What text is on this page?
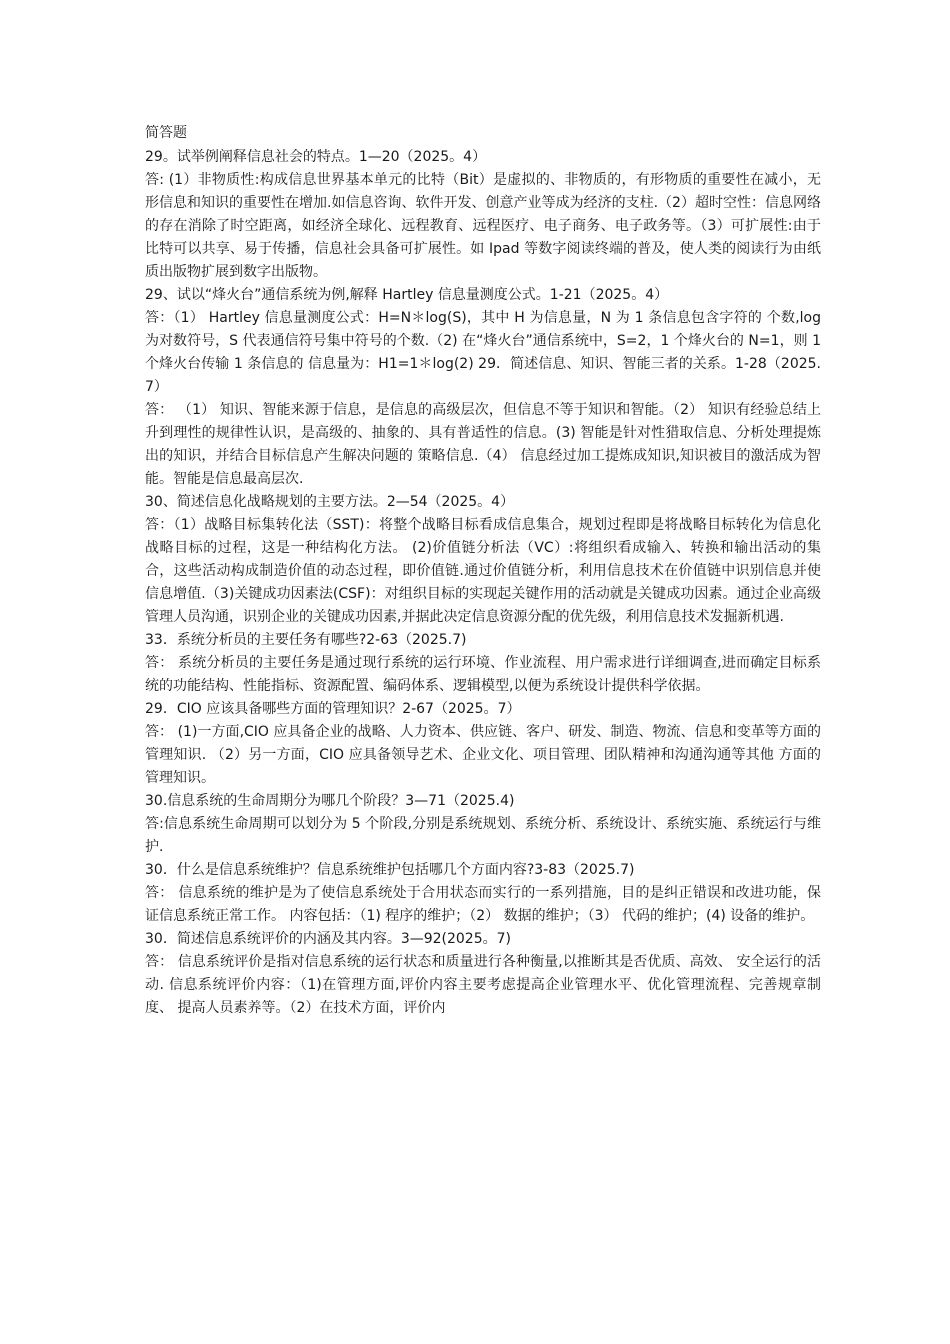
简答题

29。试举例阐释信息社会的特点。1—20（2025。4）

答: (1）非物质性:构成信息世界基本单元的比特（Bit）是虚拟的、非物质的，有形物质的重要性在减小，无形信息和知识的重要性在增加.如信息咨询、软件开发、创意产业等成为经济的支柱.（2）超时空性：信息网络的存在消除了时空距离，如经济全球化、远程教育、远程医疗、电子商务、电子政务等。（3）可扩展性:由于比特可以共享、易于传播，信息社会具备可扩展性。如 Ipad 等数字阅读终端的普及，使人类的阅读行为由纸质出版物扩展到数字出版物。

29、试以“烽火台”通信系统为例,解释 Hartley 信息量测度公式。1-21（2025。4）

答：（1） Hartley 信息量测度公式：H=N＊log(S)，其中 H 为信息量，N 为 1 条信息包含字符的 个数,log 为对数符号，S 代表通信符号集中符号的个数.（2) 在“烽火台”通信系统中，S=2，1 个烽火台的 N=1，则 1 个烽火台传输 1 条信息的 信息量为：H1=1＊log(2) 29．简述信息、知识、智能三者的关系。1-28（2025.7）

答： （1） 知识、智能来源于信息，是信息的高级层次，但信息不等于知识和智能。（2） 知识有经验总结上升到理性的规律性认识，是高级的、抽象的、具有普适性的信息。(3) 智能是针对性猎取信息、分析处理提炼出的知识，并结合目标信息产生解决问题的 策略信息.（4） 信息经过加工提炼成知识,知识被目的激活成为智能。智能是信息最高层次.

30、简述信息化战略规划的主要方法。2—54（2025。4）

答：（1）战略目标集转化法（SST)：将整个战略目标看成信息集合，规划过程即是将战略目标转化为信息化战略目标的过程，这是一种结构化方法。 (2)价值链分析法（VC）:将组织看成输入、转换和输出活动的集合，这些活动构成制造价值的动态过程，即价值链.通过价值链分析，利用信息技术在价值链中识别信息并使信息增值.（3)关键成功因素法(CSF)：对组织目标的实现起关键作用的活动就是关键成功因素。通过企业高级管理人员沟通，识别企业的关键成功因素,并据此决定信息资源分配的优先级，利用信息技术发掘新机遇.

33．系统分析员的主要任务有哪些?2-63（2025.7)

答： 系统分析员的主要任务是通过现行系统的运行环境、作业流程、用户需求进行详细调查,进而确定目标系统的功能结构、性能指标、资源配置、编码体系、逻辑模型,以便为系统设计提供科学依据。

29．CIO 应该具备哪些方面的管理知识？2-67（2025。7）

答： (1)一方面,CIO 应具备企业的战略、人力资本、供应链、客户、研发、制造、物流、信息和变革等方面的管理知识. （2）另一方面，CIO 应具备领导艺术、企业文化、项目管理、团队精神和沟通沟通等其他 方面的管理知识。

30.信息系统的生命周期分为哪几个阶段？3—71（2025.4)

答:信息系统生命周期可以划分为 5 个阶段,分别是系统规划、系统分析、系统设计、系统实施、系统运行与维护.

30．什么是信息系统维护？信息系统维护包括哪几个方面内容?3-83（2025.7)

答： 信息系统的维护是为了使信息系统处于合用状态而实行的一系列措施，目的是纠正错误和改进功能，保证信息系统正常工作。 内容包括：（1) 程序的维护；（2） 数据的维护；（3） 代码的维护；(4) 设备的维护。

30．简述信息系统评价的内涵及其内容。3—92(2025。7)

答： 信息系统评价是指对信息系统的运行状态和质量进行各种衡量,以推断其是否优质、高效、 安全运行的活动. 信息系统评价内容：（1)在管理方面,评价内容主要考虑提高企业管理水平、优化管理流程、完善规章制度、 提高人员素养等。（2）在技术方面，评价内
